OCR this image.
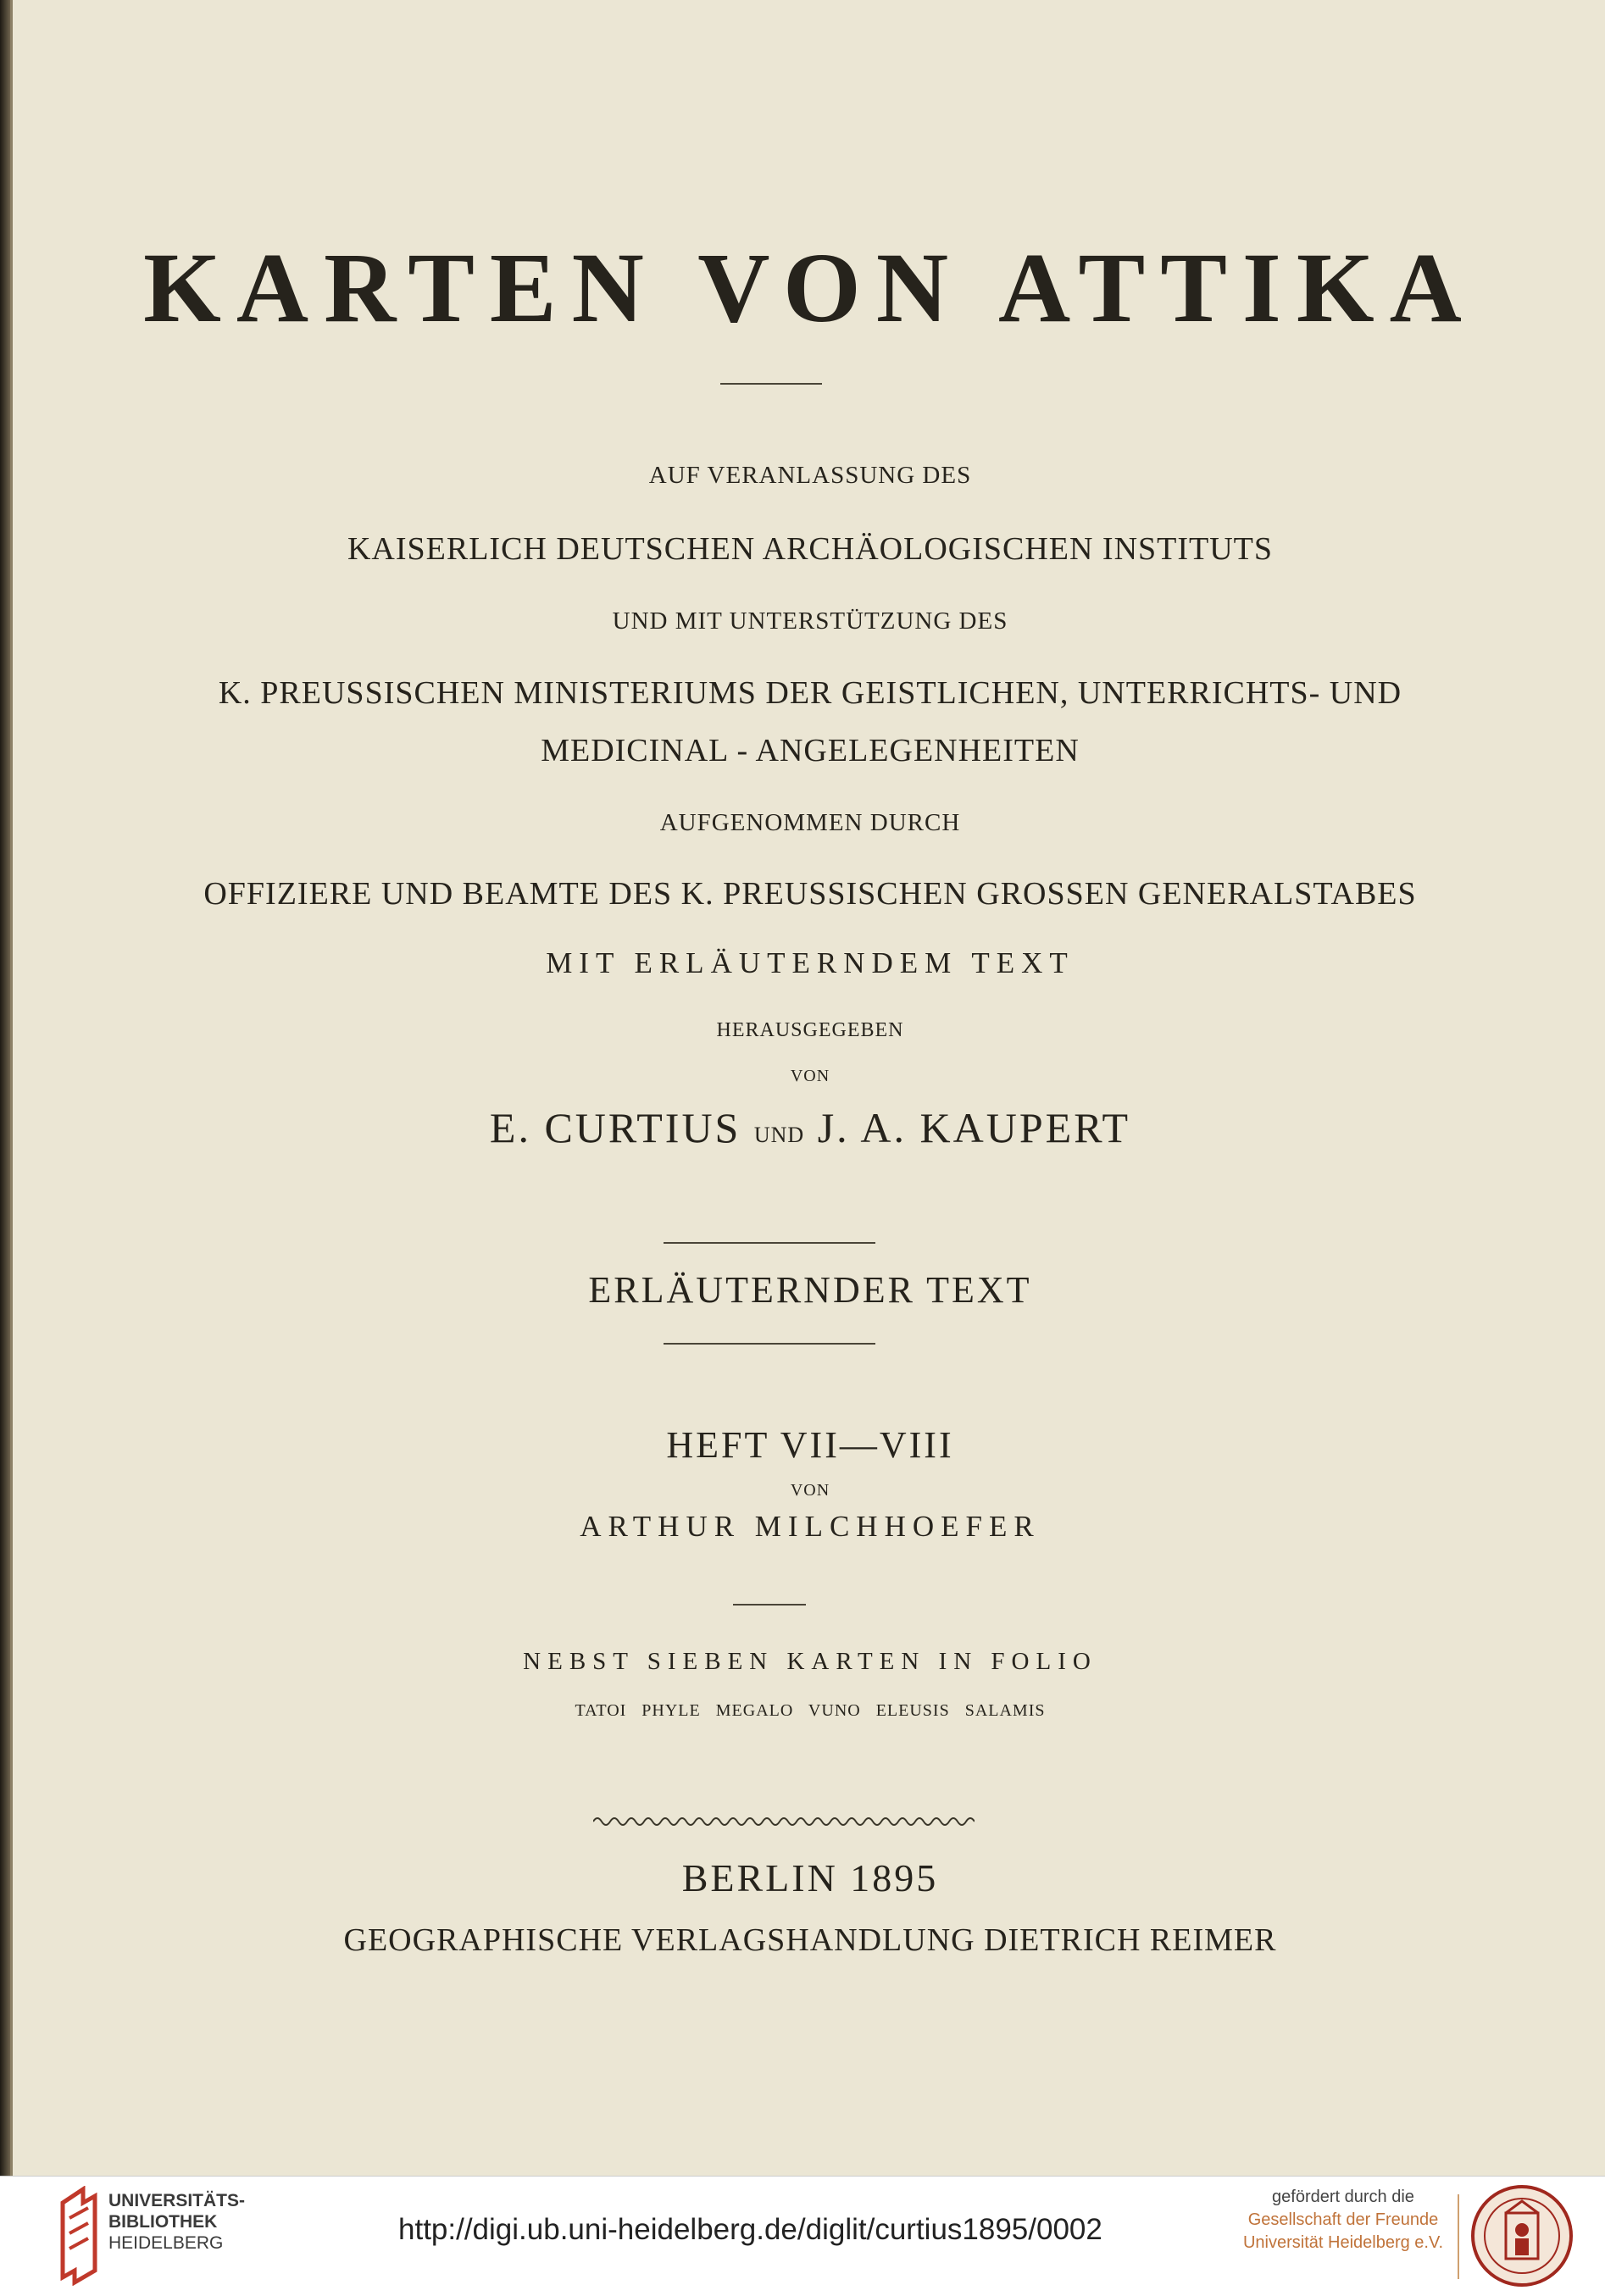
KARTEN VON ATTIKA

AUF VERANLASSUNG DES

KAISERLICH DEUTSCHEN ARCHÄOLOGISCHEN INSTITUTS

UND MIT UNTERSTÜTZUNG DES

K. PREUSSISCHEN MINISTERIUMS DER GEISTLICHEN, UNTERRICHTS- UND

MEDICINAL - ANGELEGENHEITEN

AUFGENOMMEN DURCH

OFFIZIERE UND BEAMTE DES K. PREUSSISCHEN GROSSEN GENERALSTABES

MIT ERLÄUTERNDEM TEXT

HERAUSGEGEBEN

VON

E. CURTIUS UND J. A. KAUPERT

ERLÄUTERNDER TEXT

HEFT VII—VIII

VON

ARTHUR MILCHHOEFER

NEBST SIEBEN KARTEN IN FOLIO

TATOI PHYLE MEGALO VUNO ELEUSIS SALAMIS

BERLIN 1895

GEOGRAPHISCHE VERLAGSHANDLUNG DIETRICH REIMER

UNIVERSITÄTS-
BIBLIOTHEK
HEIDELBERG	http://digi.ub.uni-heidelberg.de/diglit/curtius1895/0002
gefördert durch die
Gesellschaft der Freunde
Universität Heidelberg e.V.
